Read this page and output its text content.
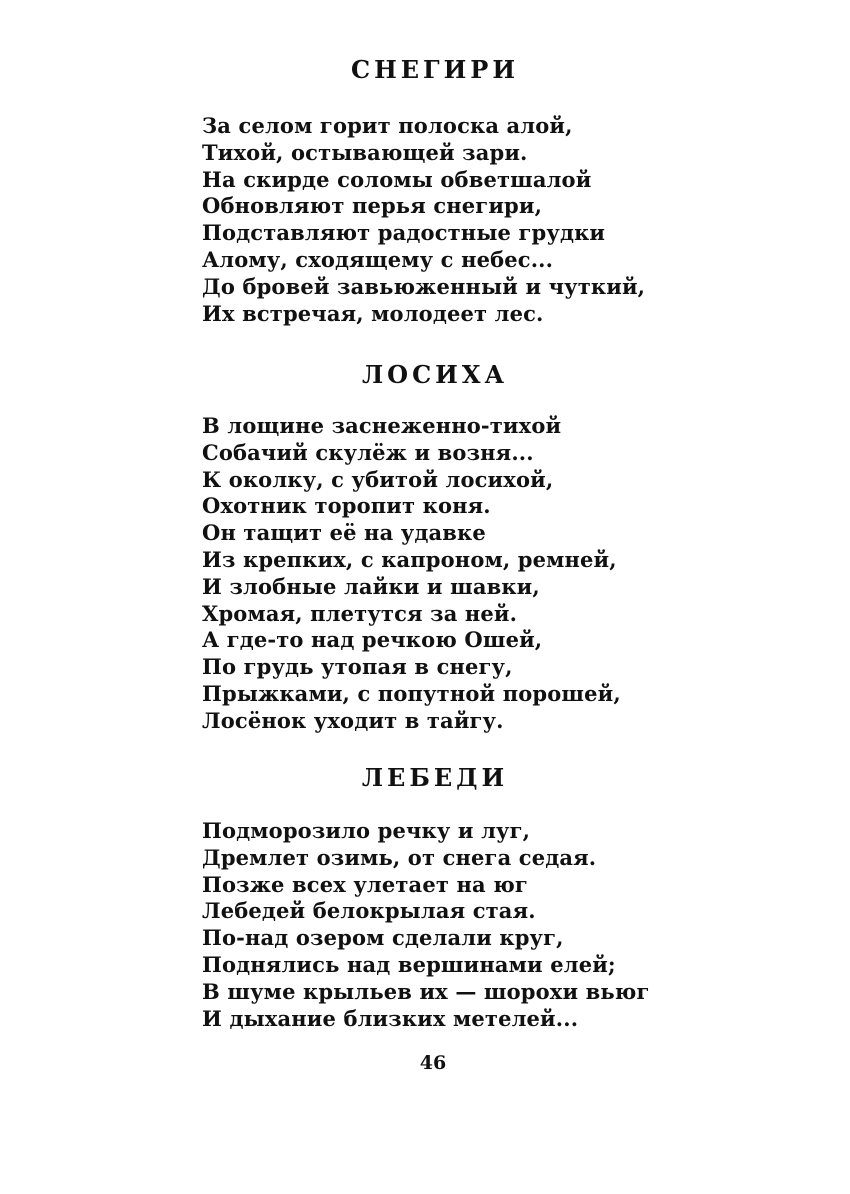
СНЕГИРИ
За селом горит полоска алой,
Тихой, остывающей зари.
На скирде соломы обветшалой
Обновляют перья снегири,
Подставляют радостные грудки
Алому, сходящему с небес...
До бровей завьюженный и чуткий,
Их встречая, молодеет лес.
ЛОСИХА
В лощине заснеженно-тихой
Собачий скулёж и возня...
К околку, с убитой лосихой,
Охотник торопит коня.
Он тащит её на удавке
Из крепких, с капроном, ремней,
И злобные лайки и шавки,
Хромая, плетутся за ней.
А где-то над речкою Ошей,
По грудь утопая в снегу,
Прыжками, с попутной порошей,
Лосёнок уходит в тайгу.
ЛЕБЕДИ
Подморозило речку и луг,
Дремлет озимь, от снега седая.
Позже всех улетает на юг
Лебедей белокрылая стая.
По-над озером сделали круг,
Поднялись над вершинами елей;
В шуме крыльев их — шорохи вьюг
И дыхание близких метелей...
46
